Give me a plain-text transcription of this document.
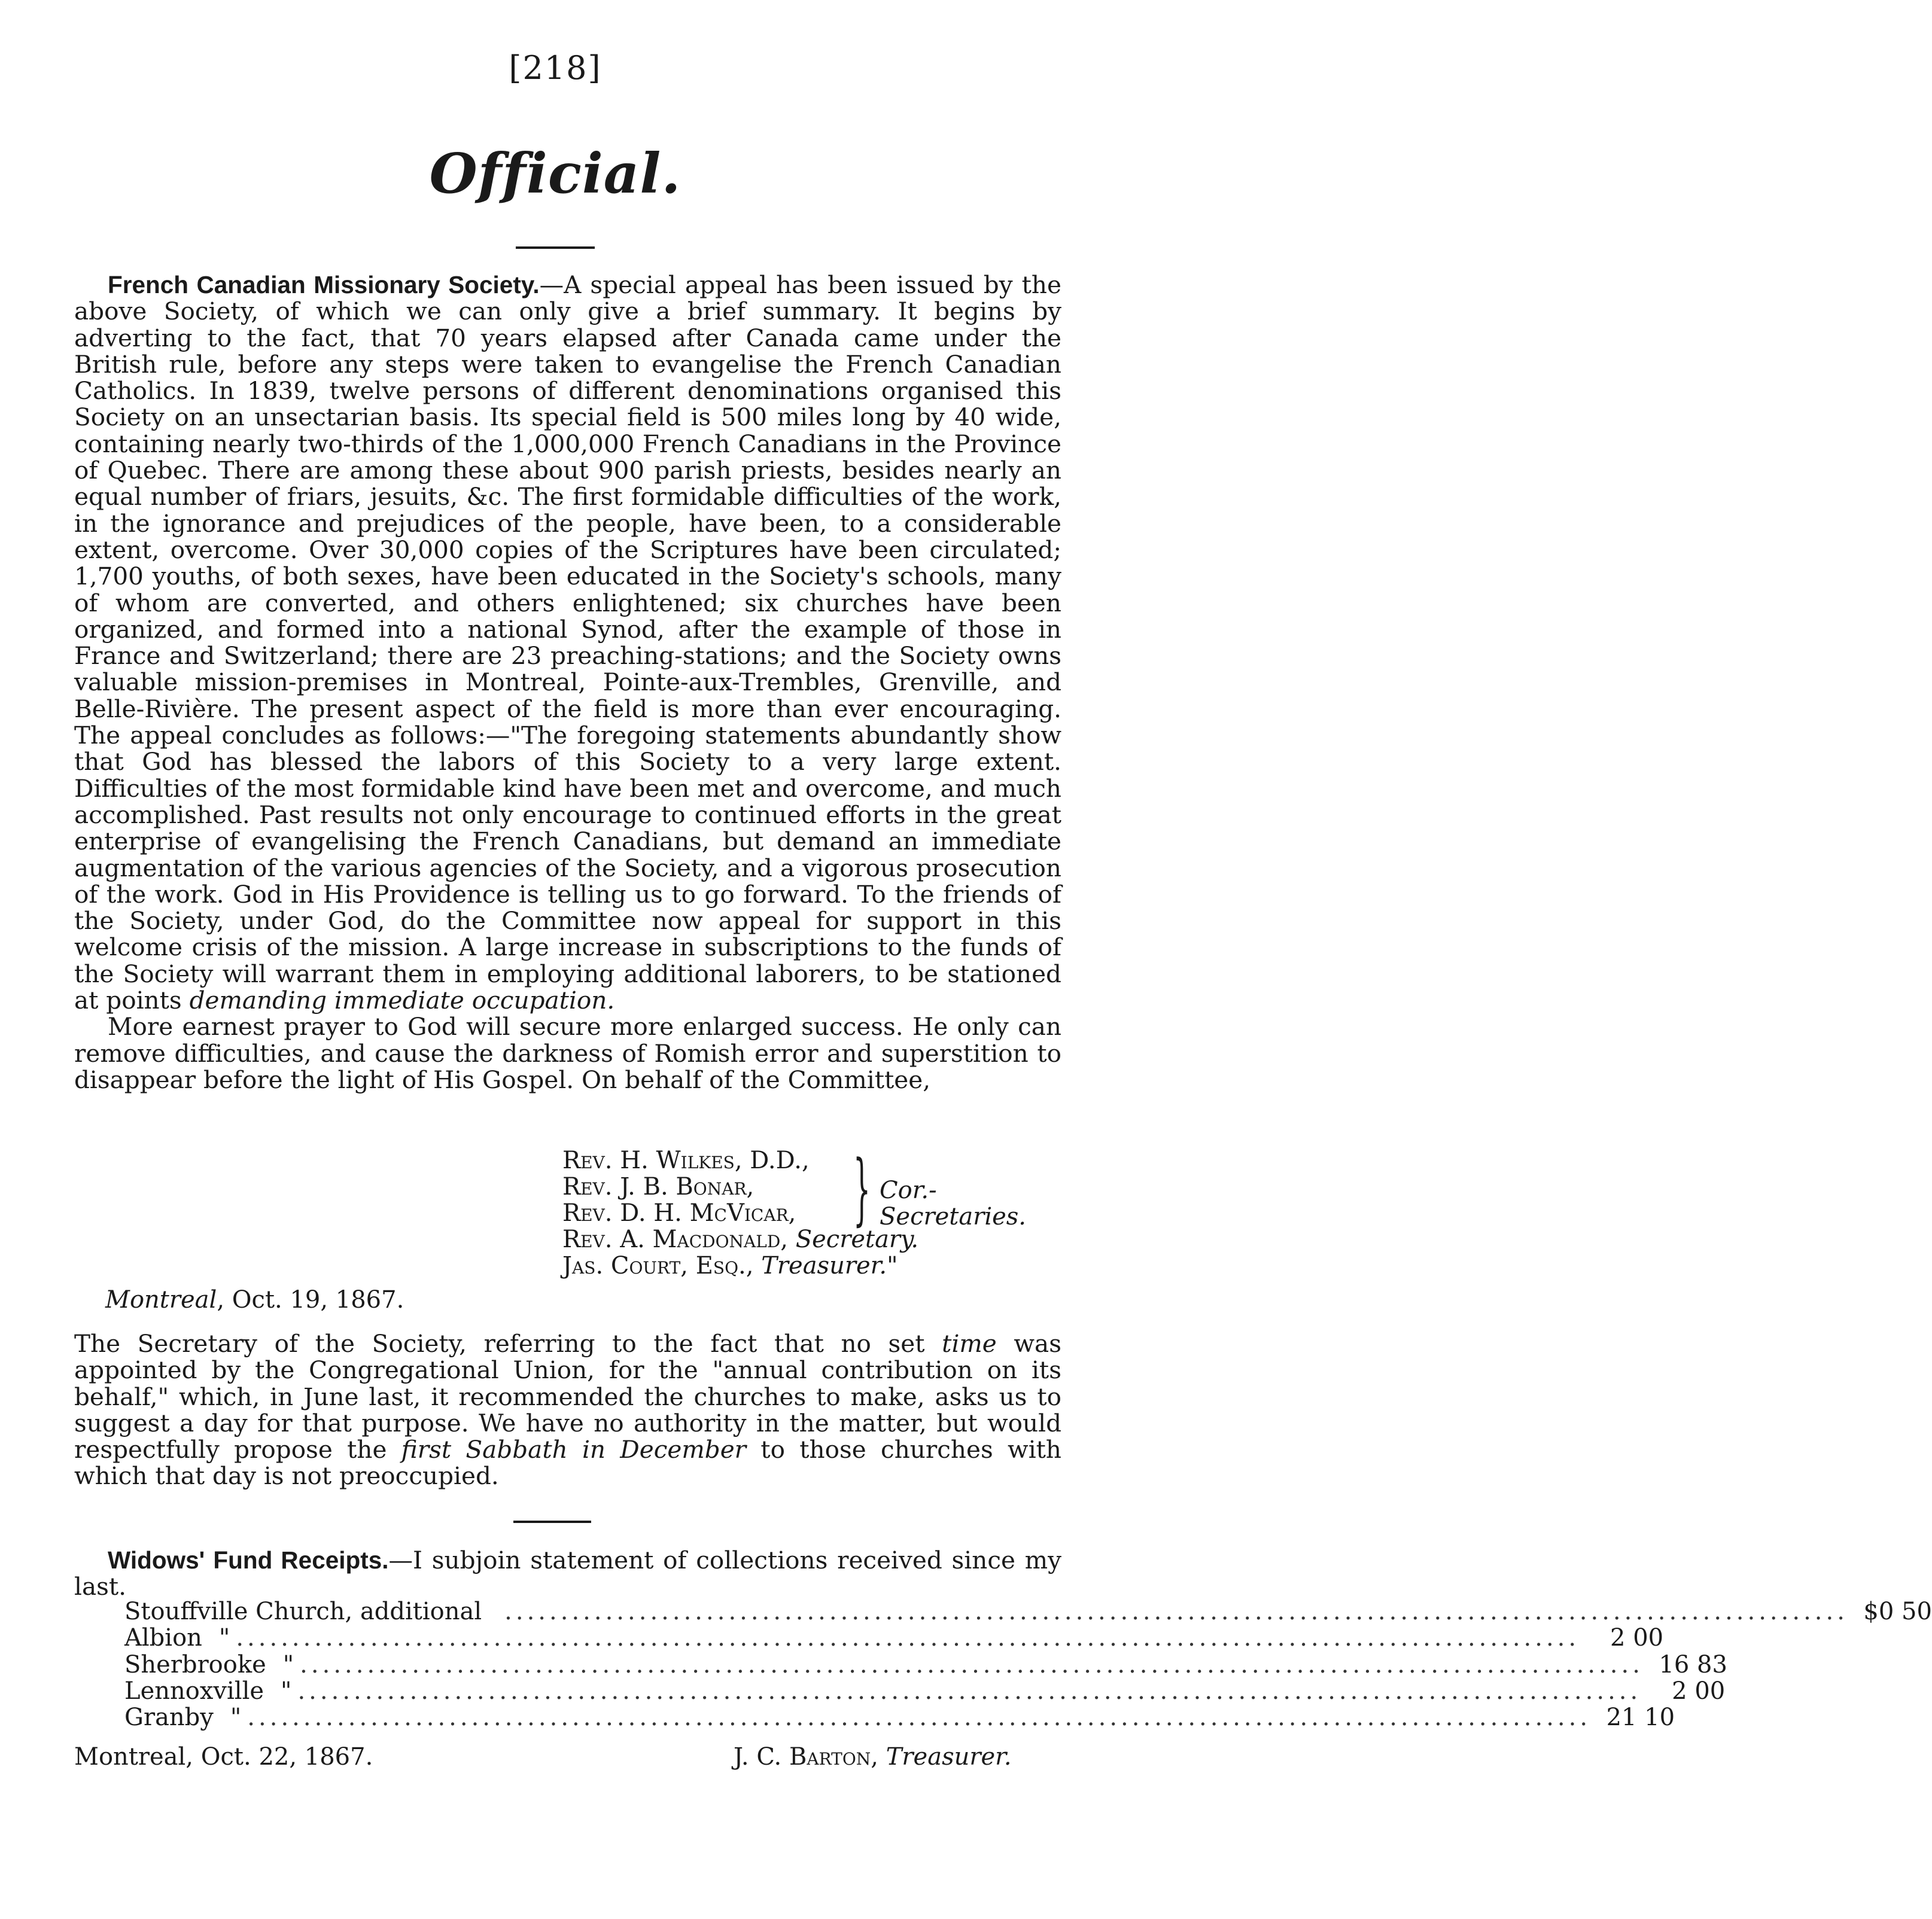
[218]
Official.

French Canadian Missionary Society.—A special appeal has been issued by the above Society, of which we can only give a brief summary. It begins by adverting to the fact, that 70 years elapsed after Canada came under the British rule, before any steps were taken to evangelise the French Canadian Catholics. In 1839, twelve persons of different denominations organised this Society on an unsectarian basis. Its special field is 500 miles long by 40 wide, containing nearly two-thirds of the 1,000,000 French Canadians in the Province of Quebec. There are among these about 900 parish priests, besides nearly an equal number of friars, jesuits, &c. The first formidable difficulties of the work, in the ignorance and prejudices of the people, have been, to a considerable extent, overcome. Over 30,000 copies of the Scriptures have been circulated; 1,700 youths, of both sexes, have been educated in the Society's schools, many of whom are converted, and others enlightened; six churches have been organized, and formed into a national Synod, after the example of those in France and Switzerland; there are 23 preaching-stations; and the Society owns valuable mission-premises in Montreal, Pointe-aux-Trembles, Grenville, and Belle-Rivière. The present aspect of the field is more than ever encouraging. The appeal concludes as follows:—"The foregoing statements abundantly show that God has blessed the labors of this Society to a very large extent. Difficulties of the most formidable kind have been met and overcome, and much accomplished. Past results not only encourage to continued efforts in the great enterprise of evangelising the French Canadians, but demand an immediate augmentation of the various agencies of the Society, and a vigorous prosecution of the work. God in His Providence is telling us to go forward. To the friends of the Society, under God, do the Committee now appeal for support in this welcome crisis of the mission. A large increase in subscriptions to the funds of the Society will warrant them in employing additional laborers, to be stationed at points demanding immediate occupation.

More earnest prayer to God will secure more enlarged success. He only can remove difficulties, and cause the darkness of Romish error and superstition to disappear before the light of His Gospel. On behalf of the Committee,

Rev. H. Wilkes, D.D.,
Rev. J. B. Bonar,
Rev. D. H. McVicar,
Rev. A. Macdonald, Secretary.
Jas. Court, Esq., Treasurer."
} Cor.-Secretaries.
Montreal, Oct. 19, 1867.

The Secretary of the Society, referring to the fact that no set time was appointed by the Congregational Union, for the "annual contribution on its behalf," which, in June last, it recommended the churches to make, asks us to suggest a day for that purpose. We have no authority in the matter, but would respectfully propose the first Sabbath in December to those churches with which that day is not preoccupied.

Widows' Fund Receipts.—I subjoin statement of collections received since my last.

Stouffville Church, additional ........................................................................................................................ $0 50
Albion " ........................................................................................................................	2 00
Sherbrooke " ........................................................................................................................ 16 83
Lennoxville " ........................................................................................................................	2 00
Granby " ........................................................................................................................ 21 10
Montreal, Oct. 22, 1867.	J. C. Barton, Treasurer.
